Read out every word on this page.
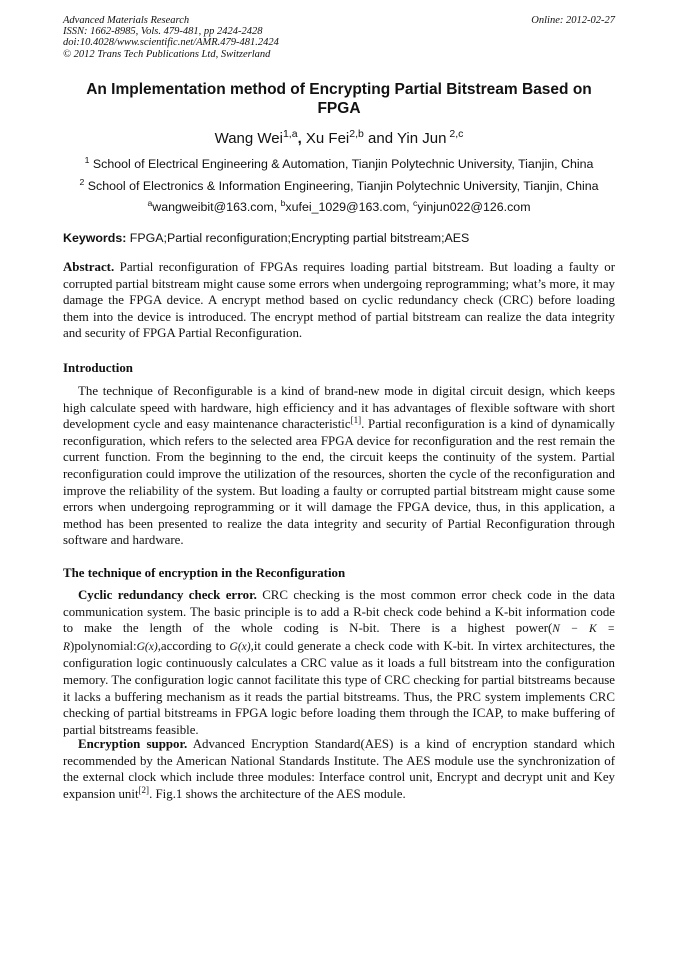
Advanced Materials Research
ISSN: 1662-8985, Vols. 479-481, pp 2424-2428
doi:10.4028/www.scientific.net/AMR.479-481.2424
© 2012 Trans Tech Publications Ltd, Switzerland
Online: 2012-02-27
An Implementation method of Encrypting Partial Bitstream Based on FPGA
Wang Wei$^{1,a}$, Xu Fei$^{2,b}$ and Yin Jun $^{2,c}$
$^1$ School of Electrical Engineering & Automation, Tianjin Polytechnic University, Tianjin, China
$^2$ School of Electronics & Information Engineering, Tianjin Polytechnic University, Tianjin, China
$^a$wangweibit@163.com, $^b$xufei_1029@163.com, $^c$yinjun022@126.com
Keywords: FPGA;Partial reconfiguration;Encrypting partial bitstream;AES
Abstract. Partial reconfiguration of FPGAs requires loading partial bitstream. But loading a faulty or corrupted partial bitstream might cause some errors when undergoing reprogramming; what’s more, it may damage the FPGA device. A encrypt method based on cyclic redundancy check (CRC) before loading them into the device is introduced. The encrypt method of partial bitstream can realize the data integrity and security of FPGA Partial Reconfiguration.
Introduction
The technique of Reconfigurable is a kind of brand-new mode in digital circuit design, which keeps high calculate speed with hardware, high efficiency and it has advantages of flexible software with short development cycle and easy maintenance characteristic[1]. Partial reconfiguration is a kind of dynamically reconfiguration, which refers to the selected area FPGA device for reconfiguration and the rest remain the current function. From the beginning to the end, the circuit keeps the continuity of the system. Partial reconfiguration could improve the utilization of the resources, shorten the cycle of the reconfiguration and improve the reliability of the system. But loading a faulty or corrupted partial bitstream might cause some errors when undergoing reprogramming or it will damage the FPGA device, thus, in this application, a method has been presented to realize the data integrity and security of Partial Reconfiguration through software and hardware.
The technique of encryption in the Reconfiguration
Cyclic redundancy check error. CRC checking is the most common error check code in the data communication system. The basic principle is to add a R-bit check code behind a K-bit information code to make the length of the whole coding is N-bit. There is a highest power(N − K = R)polynomial:G(x),according to G(x),it could generate a check code with K-bit. In virtex architectures, the configuration logic continuously calculates a CRC value as it loads a full bitstream into the configuration memory. The configuration logic cannot facilitate this type of CRC checking for partial bitstreams because it lacks a buffering mechanism as it reads the partial bitstreams. Thus, the PRC system implements CRC checking of partial bitstreams in FPGA logic before loading them through the ICAP, to make buffering of partial bitstreams feasible.
Encryption suppor. Advanced Encryption Standard(AES) is a kind of encryption standard which recommended by the American National Standards Institute. The AES module use the synchronization of the external clock which include three modules: Interface control unit, Encrypt and decrypt unit and Key expansion unit[2]. Fig.1 shows the architecture of the AES module.
